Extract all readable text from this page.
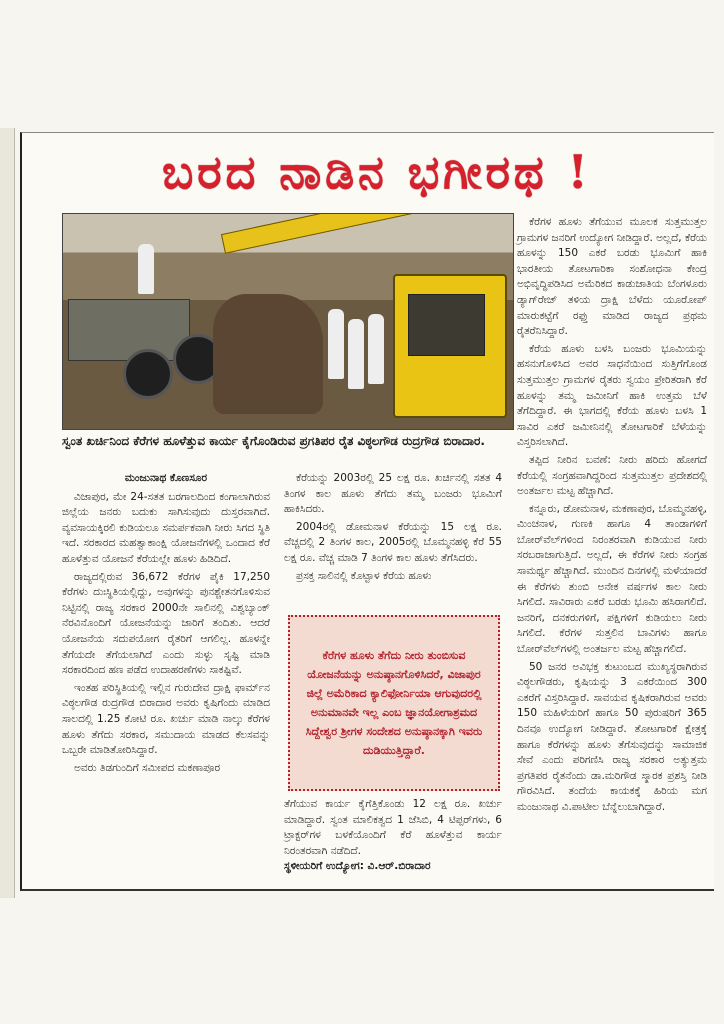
ಬರದ ನಾಡಿನ ಭಗೀರಥ !
ಸ್ವಂತ ಖರ್ಚಿನಿಂದ ಕೆರೆಗಳ ಹೂಳೆತ್ತುವ ಕಾರ್ಯ ಕೈಗೊಂಡಿರುವ ಪ್ರಗತಿಪರ ರೈತ ವಿಠ್ಠಲಗೌಡ ರುದ್ರಗೌಡ ಬಿರಾದಾರ.

ಮಂಜುನಾಥ ಕೊಣಸೂರ

ವಿಜಾಪುರ, ಮೇ 24-ಸತತ ಬರಗಾಲದಿಂದ ಕಂಗಾಲಾಗಿರುವ ಜಿಲ್ಲೆಯ ಜನರು ಬದುಕು ಸಾಗಿಸುವುದು ದುಸ್ತರವಾಗಿದೆ. ವ್ಯವಸಾಯಕ್ಕಿರಲಿ ಕುಡಿಯಲೂ ಸಮರ್ಪಕವಾಗಿ ನೀರು ಸಿಗದ ಸ್ಥಿತಿ ಇದೆ. ಸರಕಾರದ ಮಹತ್ವಾಕಾಂಕ್ಷಿ ಯೋಜನೆಗಳಲ್ಲಿ ಒಂದಾದ ಕೆರೆ ಹೂಳೆತ್ತುವ ಯೋಜನೆ ಕೆರೆಯಲ್ಲೇ ಹೂಳು ಹಿಡಿದಿದೆ.

ರಾಜ್ಯದಲ್ಲಿರುವ 36,672 ಕೆರೆಗಳ ಪೈಕಿ 17,250 ಕೆರೆಗಳು ದುಃಸ್ಥಿತಿಯಲ್ಲಿದ್ದು, ಅವುಗಳನ್ನು ಪುನಶ್ಚೇತನಗೊಳಿಸುವ ನಿಟ್ಟಿನಲ್ಲಿ ರಾಜ್ಯ ಸರಕಾರ 2000ನೇ ಸಾಲಿನಲ್ಲಿ ವಿಶ್ವಬ್ಯಾಂಕ್ ನೆರವಿನೊಂದಿಗೆ ಯೋಜನೆಯನ್ನು ಜಾರಿಗೆ ತಂದಿತು. ಆದರೆ ಯೋಜನೆಯ ಸದುಪಯೋಗ ರೈತರಿಗೆ ಆಗಲಿಲ್ಲ. ಹೂಳನ್ನೇ ತೆಗೆಯದೇ ತೆಗೆಯಲಾಗಿದೆ ಎಂದು ಸುಳ್ಳು ಸೃಷ್ಟಿ ಮಾಡಿ ಸರಕಾರದಿಂದ ಹಣ ಪಡೆದ ಉದಾಹರಣೆಗಳು ಸಾಕಷ್ಟಿವೆ.

ಇಂತಹ ಪರಿಸ್ಥಿತಿಯಲ್ಲಿ ಇಲ್ಲಿನ ಗುರುದೇವ ದ್ರಾಕ್ಷಿ ಫಾರ್ಮ್‌ನ ವಿಠ್ಠಲಗೌಡ ರುದ್ರಗೌಡ ಬಿರಾದಾರ ಅವರು ಕೃಷಿಗೆಂದು ಮಾಡಿದ ಸಾಲದಲ್ಲಿ 1.25 ಕೋಟಿ ರೂ. ಖರ್ಚು ಮಾಡಿ ನಾಲ್ಕು ಕೆರೆಗಳ ಹೂಳು ತೆಗೆದು ಸರಕಾರ, ಸಮುದಾಯ ಮಾಡದ ಕೆಲಸವನ್ನು ಒಬ್ಬರೇ ಮಾಡಿತೋರಿಸಿದ್ದಾರೆ.

ಅವರು ತಿಡಗುಂದಿಗೆ ಸಮೀಪದ ಮಕಣಾಪೂರ

ಕೆರೆಯನ್ನು 2003ರಲ್ಲಿ 25 ಲಕ್ಷ ರೂ. ಖರ್ಚಿನಲ್ಲಿ ಸತತ 4 ತಿಂಗಳ ಕಾಲ ಹೂಳು ತೆಗೆದು ತಮ್ಮ ಬಂಜರು ಭೂಮಿಗೆ ಹಾಕಿಸಿದರು.

2004ರಲ್ಲಿ ಡೋಮನಾಳ ಕೆರೆಯನ್ನು 15 ಲಕ್ಷ ರೂ. ವೆಚ್ಚದಲ್ಲಿ 2 ತಿಂಗಳ ಕಾಲ, 2005ರಲ್ಲಿ ಬೊಮ್ಮನಹಳ್ಳಿ ಕೆರೆ 55 ಲಕ್ಷ ರೂ. ವೆಚ್ಚ ಮಾಡಿ 7 ತಿಂಗಳ ಕಾಲ ಹೂಳು ತೆಗೆಸಿದರು.

ಪ್ರಸಕ್ತ ಸಾಲಿನಲ್ಲಿ ಕೊಟ್ಟಾಳ ಕೆರೆಯ ಹೂಳು

ಕೆರೆಗಳ ಹೂಳು ತೆಗೆದು ನೀರು ತುಂಬಿಸುವ ಯೋಜನೆಯನ್ನು ಅನುಷ್ಠಾನಗೊಳಿಸಿದರೆ, ವಿಜಾಪುರ ಜಿಲ್ಲೆ ಅಮೆರಿಕಾದ ಕ್ಯಾಲಿಫೋರ್ನಿಯಾ ಆಗುವುದರಲ್ಲಿ ಅನುಮಾನವೇ ಇಲ್ಲ ಎಂಬ ಜ್ಞಾನಯೋಗಾಶ್ರಮದ ಸಿದ್ದೇಶ್ವರ ಶ್ರೀಗಳ ಸಂದೇಶದ ಅನುಷ್ಠಾನಕ್ಕಾಗಿ ಇವರು ದುಡಿಯುತ್ತಿದ್ದಾರೆ.

ತೆಗೆಯುವ ಕಾರ್ಯ ಕೈಗೆತ್ತಿಕೊಂಡು 12 ಲಕ್ಷ ರೂ. ಖರ್ಚು ಮಾಡಿದ್ದಾರೆ. ಸ್ವಂತ ಮಾಲಿಕತ್ವದ 1 ಜೆಸಿಬಿ, 4 ಟಿಪ್ಪರ್‌ಗಳು, 6 ಟ್ರಾಕ್ಟರ್‌ಗಳ ಬಳಕೆಯೊಂದಿಗೆ ಕೆರೆ ಹೂಳೆತ್ತುವ ಕಾರ್ಯ ನಿರಂತರವಾಗಿ ನಡೆದಿದೆ.

ಸ್ಥಳೀಯರಿಗೆ ಉದ್ಯೋಗ: ವಿ.ಆರ್.ಬಿರಾದಾರ

ಕೆರೆಗಳ ಹೂಳು ತೆಗೆಯುವ ಮೂಲಕ ಸುತ್ತಮುತ್ತಲ ಗ್ರಾಮಗಳ ಜನರಿಗೆ ಉದ್ಯೋಗ ನೀಡಿದ್ದಾರೆ. ಅಲ್ಲದೆ, ಕೆರೆಯ ಹೂಳನ್ನು 150 ಎಕರೆ ಬರಡು ಭೂಮಿಗೆ ಹಾಕಿ ಭಾರತೀಯ ತೋಟಗಾರಿಕಾ ಸಂಶೋಧನಾ ಕೇಂದ್ರ ಅಭಿವೃದ್ಧಿಪಡಿಸಿದ ಅಮೆರಿಕದ ಕಾಡುಜಾತಿಯ ಬೆಂಗಳೂರು ಡ್ಯಾಗ್‌ರೇಜ್ ತಳಿಯ ದ್ರಾಕ್ಷಿ ಬೆಳೆದು ಯೂರೋಪ್ ಮಾರುಕಟ್ಟೆಗೆ ರಫ್ತು ಮಾಡಿದ ರಾಜ್ಯದ ಪ್ರಥಮ ರೈತರೆನಿಸಿದ್ದಾರೆ.

ಕೆರೆಯ ಹೂಳು ಬಳಸಿ ಬಂಜರು ಭೂಮಿಯನ್ನು ಹಸನುಗೊಳಿಸಿದ ಅವರ ಸಾಧನೆಯಿಂದ ಸುತ್ತಿಗೆಗೊಂಡ ಸುತ್ತಮುತ್ತಲ ಗ್ರಾಮಗಳ ರೈತರು ಸ್ವಯಂ ಪ್ರೇರಿತರಾಗಿ ಕೆರೆ ಹೂಳನ್ನು ತಮ್ಮ ಜಮೀನಿಗೆ ಹಾಕಿ ಉತ್ತಮ ಬೆಳೆ ತೆಗೆದಿದ್ದಾರೆ. ಈ ಭಾಗದಲ್ಲಿ ಕೆರೆಯ ಹೂಳು ಬಳಸಿ 1 ಸಾವಿರ ಎಕರೆ ಜಮೀನಿನಲ್ಲಿ ತೋಟಗಾರಿಕೆ ಬೆಳೆಯನ್ನು ವಿಸ್ತರಿಸಲಾಗಿದೆ.

ತಪ್ಪಿದ ನೀರಿನ ಬವಣೆ: ನೀರು ಹರಿದು ಹೋಗದೆ ಕೆರೆಯಲ್ಲಿ ಸಂಗ್ರಹವಾಗಿದ್ದರಿಂದ ಸುತ್ತಮುತ್ತಲ ಪ್ರದೇಶದಲ್ಲಿ ಅಂತರ್ಜಲ ಮಟ್ಟ ಹೆಚ್ಚಾಗಿದೆ.

ಕನ್ನೂರು, ಡೋಮನಾಳ, ಮಕಣಾಪುರ, ಬೊಮ್ಮನಹಳ್ಳಿ, ಮಿಂಚನಾಳ, ಗುಣಕಿ ಹಾಗೂ 4 ತಾಂಡಾಗಳಿಗೆ ಬೋರ್‌ವೆಲ್‌ಗಳಿಂದ ನಿರಂತರವಾಗಿ ಕುಡಿಯುವ ನೀರು ಸರಬರಾಜಾಗುತ್ತಿದೆ. ಅಲ್ಲದೆ, ಈ ಕೆರೆಗಳ ನೀರು ಸಂಗ್ರಹ ಸಾಮರ್ಥ್ಯ ಹೆಚ್ಚಾಗಿದೆ. ಮುಂದಿನ ದಿನಗಳಲ್ಲಿ ಮಳೆಯಾದರೆ ಈ ಕೆರೆಗಳು ತುಂಬಿ ಅನೇಕ ವರ್ಷಗಳ ಕಾಲ ನೀರು ಸಿಗಲಿದೆ. ಸಾವಿರಾರು ಎಕರೆ ಬರಡು ಭೂಮಿ ಹಸಿರಾಗಲಿದೆ. ಜನರಿಗೆ, ದನಕರುಗಳಿಗೆ, ಪಕ್ಷಿಗಳಿಗೆ ಕುಡಿಯಲು ನೀರು ಸಿಗಲಿದೆ. ಕೆರೆಗಳ ಸುತ್ತಲಿನ ಬಾವಿಗಳು ಹಾಗೂ ಬೋರ್‌ವೆಲ್‌ಗಳಲ್ಲಿ ಅಂತರ್ಜಲ ಮಟ್ಟ ಹೆಚ್ಚಾಗಲಿದೆ.

50 ಜನರ ಅವಿಭಕ್ತ ಕುಟುಂಬದ ಮುಖ್ಯಸ್ಥರಾಗಿರುವ ವಿಠ್ಠಲಗೌಡರು, ಕೃಷಿಯನ್ನು 3 ಎಕರೆಯಿಂದ 300 ಎಕರೆಗೆ ವಿಸ್ತರಿಸಿದ್ದಾರೆ. ಸಾವಯವ ಕೃಷಿಕರಾಗಿರುವ ಅವರು 150 ಮಹಿಳೆಯರಿಗೆ ಹಾಗೂ 50 ಪುರುಷರಿಗೆ 365 ದಿನವೂ ಉದ್ಯೋಗ ನೀಡಿದ್ದಾರೆ. ತೋಟಗಾರಿಕೆ ಕ್ಷೇತ್ರಕ್ಕೆ ಹಾಗೂ ಕೆರೆಗಳನ್ನು ಹೂಳು ತೆಗೆಸುವುದನ್ನು ಸಾಮಾಜಿಕ ಸೇವೆ ಎಂದು ಪರಿಗಣಿಸಿ ರಾಜ್ಯ ಸರಕಾರ ಅತ್ಯುತ್ತಮ ಪ್ರಗತಿಪರ ರೈತನೆಂದು ಡಾ.ಮರಿಗೌಡ ಸ್ಮಾರಕ ಪ್ರಶಸ್ತಿ ನೀಡಿ ಗೌರವಿಸಿದೆ. ತಂದೆಯ ಕಾಯಕಕ್ಕೆ ಹಿರಿಯ ಮಗ ಮಂಜುನಾಥ ವಿ.ಪಾಟೀಲ ಬೆನ್ನೆಲುಬಾಗಿದ್ದಾರೆ.
